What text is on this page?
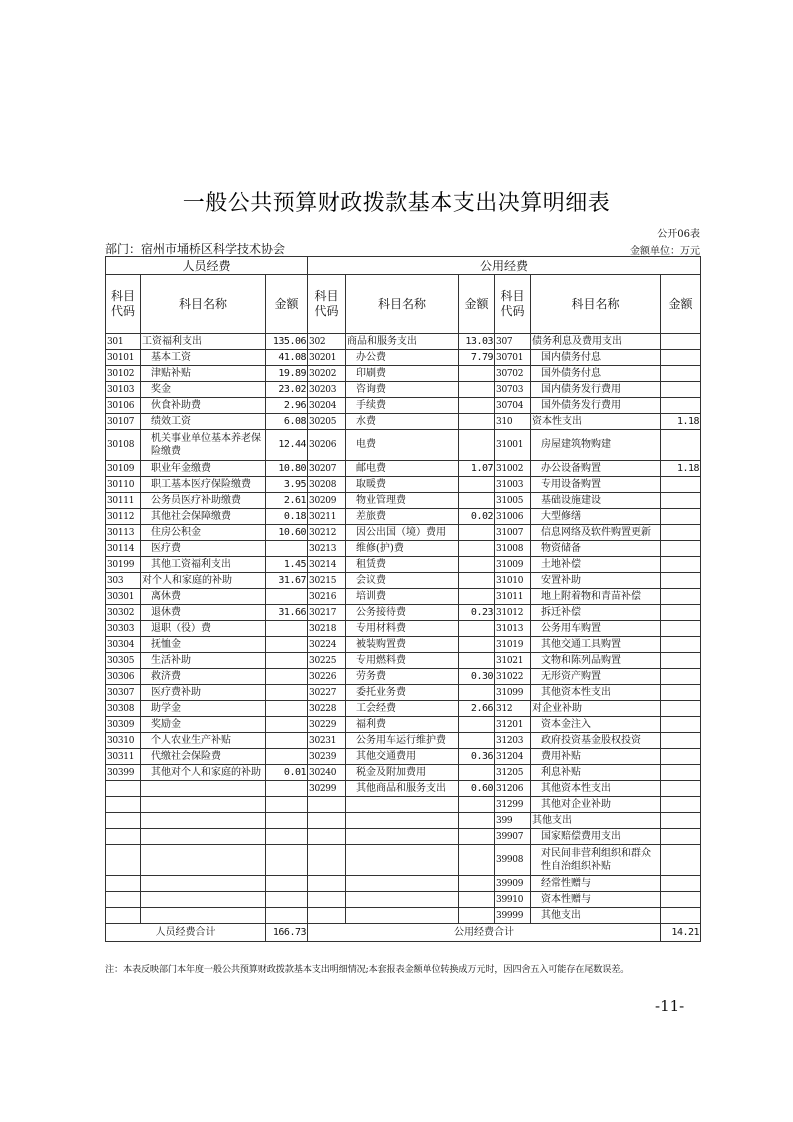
一般公共预算财政拨款基本支出决算明细表
公开06表
部门：宿州市埇桥区科学技术协会	金额单位：万元
人员经费			公用经费					
科目代码	科目名称	金额	科目代码	科目名称	金额	科目代码	科目名称	金额
301	工资福利支出	135.06	302	商品和服务支出	13.03	307	债务利息及费用支出	
30101	基本工资	41.08	30201	办公费	7.79	30701	国内债务付息	
30102	津贴补贴	19.89	30202	印刷费		30702	国外债务付息	
30103	奖金	23.02	30203	咨询费		30703	国内债务发行费用	
30106	伙食补助费	2.96	30204	手续费		30704	国外债务发行费用	
30107	绩效工资	6.08	30205	水费		310	资本性支出	1.18
30108	机关事业单位基本养老保险缴费	12.44	30206	电费		31001	房屋建筑物购建	
30109	职业年金缴费	10.80	30207	邮电费	1.07	31002	办公设备购置	1.18
30110	职工基本医疗保险缴费	3.95	30208	取暖费		31003	专用设备购置	
30111	公务员医疗补助缴费	2.61	30209	物业管理费		31005	基础设施建设	
30112	其他社会保障缴费	0.18	30211	差旅费	0.02	31006	大型修缮	
30113	住房公积金	10.60	30212	因公出国（境）费用		31007	信息网络及软件购置更新	
30114	医疗费		30213	维修(护)费		31008	物资储备	
30199	其他工资福利支出	1.45	30214	租赁费		31009	土地补偿	
303	对个人和家庭的补助	31.67	30215	会议费		31010	安置补助	
30301	离休费		30216	培训费		31011	地上附着物和青苗补偿	
30302	退休费	31.66	30217	公务接待费	0.23	31012	拆迁补偿	
30303	退职（役）费		30218	专用材料费		31013	公务用车购置	
30304	抚恤金		30224	被装购置费		31019	其他交通工具购置	
30305	生活补助		30225	专用燃料费		31021	文物和陈列品购置	
30306	救济费		30226	劳务费	0.30	31022	无形资产购置	
30307	医疗费补助		30227	委托业务费		31099	其他资本性支出	
30308	助学金		30228	工会经费	2.66	312	对企业补助	
30309	奖励金		30229	福利费		31201	资本金注入	
30310	个人农业生产补贴		30231	公务用车运行维护费		31203	政府投资基金股权投资	
30311	代缴社会保险费		30239	其他交通费用	0.36	31204	费用补贴	
30399	其他对个人和家庭的补助	0.01	30240	税金及附加费用		31205	利息补贴	
			30299	其他商品和服务支出	0.60	31206	其他资本性支出	
						31299	其他对企业补助	
						399	其他支出	
						39907	国家赔偿费用支出	
						39908	对民间非营利组织和群众性自治组织补贴	
						39909	经常性赠与	
						39910	资本性赠与	
						39999	其他支出	
人员经费合计		166.73	公用经费合计					14.21
注：本表反映部门本年度一般公共预算财政拨款基本支出明细情况;本套报表金额单位转换成万元时，因四舍五入可能存在尾数误差。
-11-
